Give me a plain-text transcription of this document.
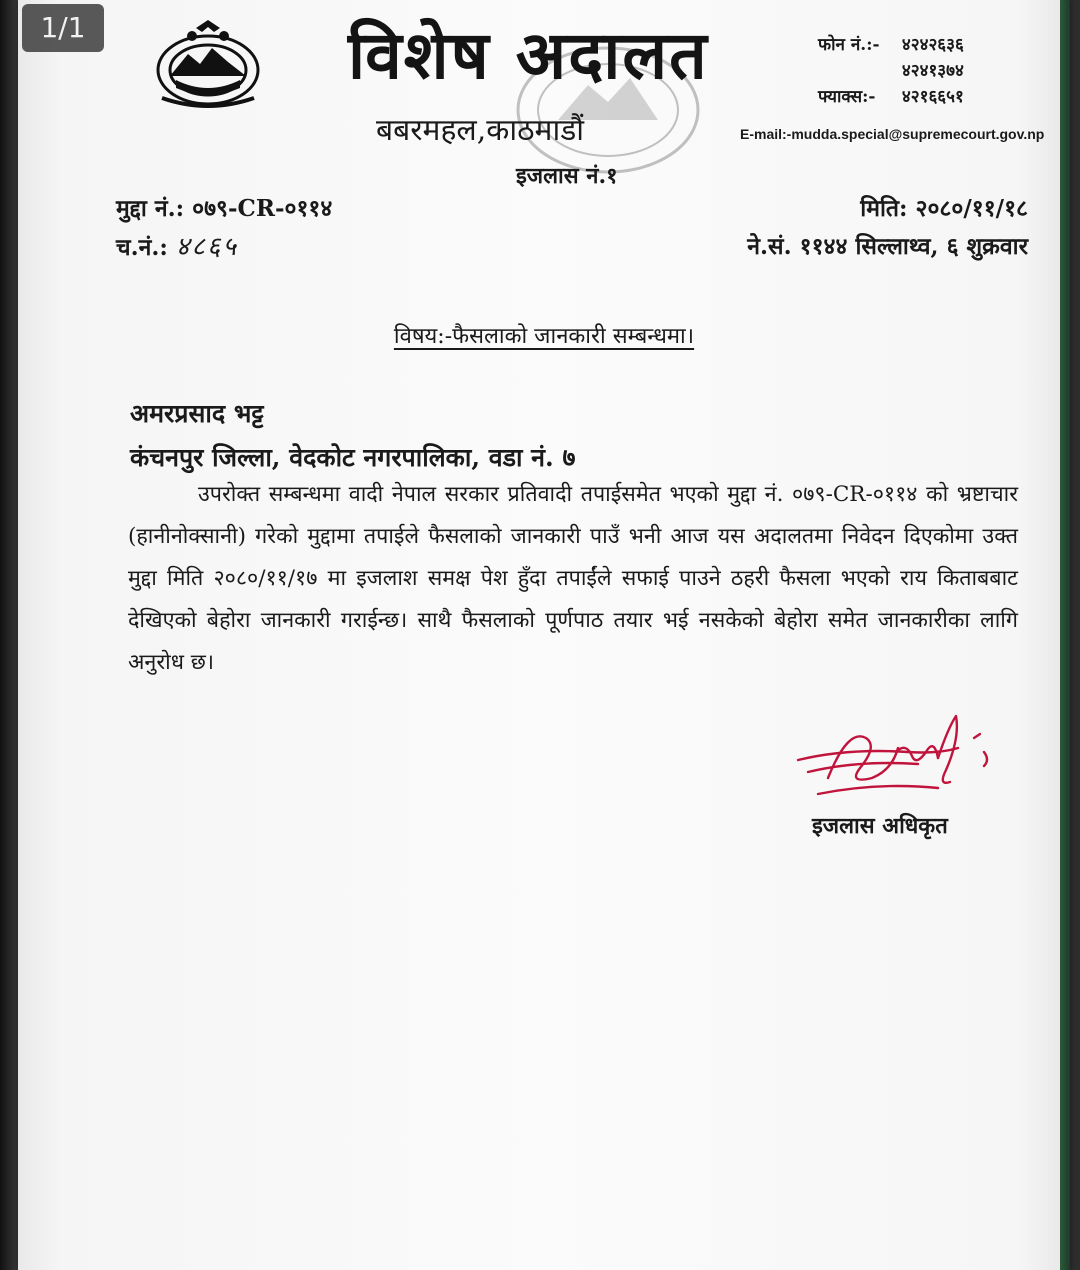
विशेष अदालत
बबरमहल,काठमाडौं
इजलास नं.१
फोन नं.:- ४२४२६३६
४२४१३७४
फ्याक्स:- ४२१६६५१
E-mail:-mudda.special@supremecourt.gov.np
मुद्दा नं.: ०७९-CR-०११४
च.नं.: ४८६५
मिति: २०८०/११/१८
ने.सं. ११४४ सिल्लाथ्व, ६ शुक्रवार
विषय:-फैसलाको जानकारी सम्बन्धमा।
अमरप्रसाद भट्ट
कंचनपुर जिल्ला, वेदकोट नगरपालिका, वडा नं. ७
उपरोक्त सम्बन्धमा वादी नेपाल सरकार प्रतिवादी तपाईसमेत भएको मुद्दा नं. ०७९-CR-०११४ को भ्रष्टाचार (हानीनोक्सानी) गरेको मुद्दामा तपाईले फैसलाको जानकारी पाउँ भनी आज यस अदालतमा निवेदन दिएकोमा उक्त मुद्दा मिति २०८०/११/१७ मा इजलाश समक्ष पेश हुँदा तपाईंले सफाई पाउने ठहरी फैसला भएको राय किताबबाट देखिएको बेहोरा जानकारी गराईन्छ। साथै फैसलाको पूर्णपाठ तयार भई नसकेको बेहोरा समेत जानकारीका लागि अनुरोध छ।
इजलास अधिकृत
1/1
